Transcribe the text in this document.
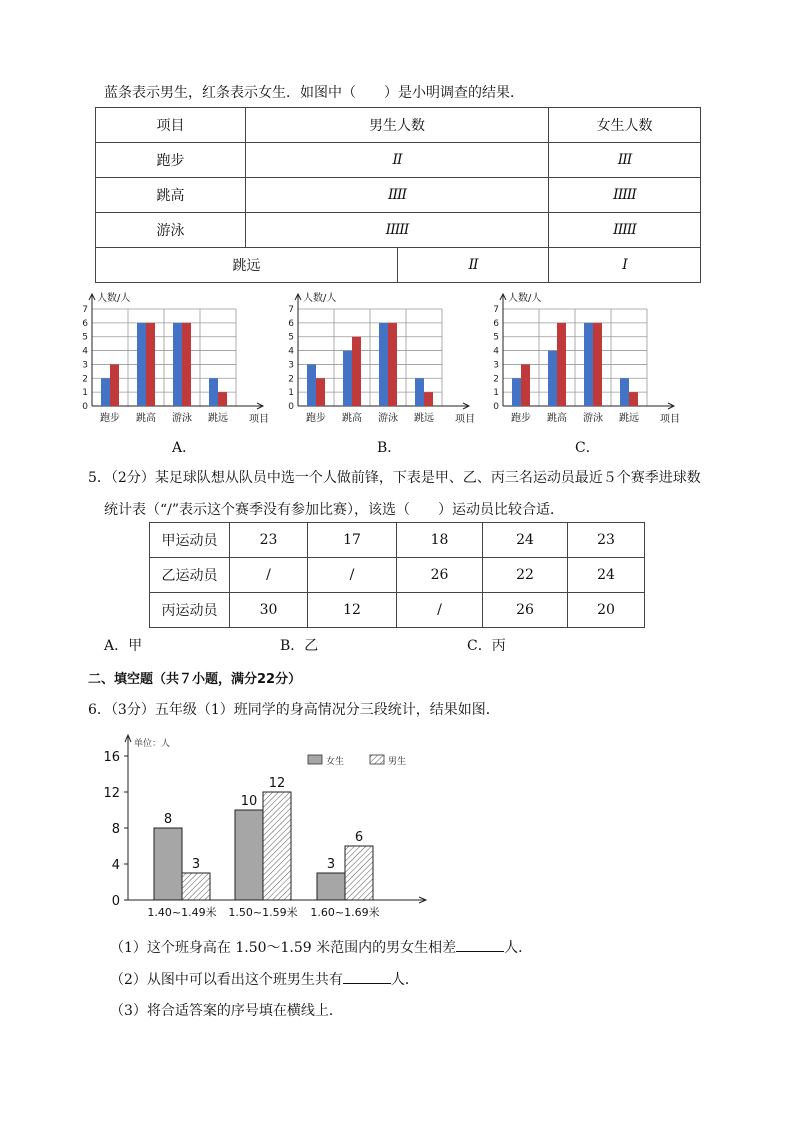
蓝条表示男生，红条表示女生．如图中（　　）是小明调查的结果．
项目	男生人数		女生人数
跑步	II		III
跳高	IIII		IIIII
游泳	IIIII		IIIII
跳远		II	I
0
1
2
3
4
5
6
7
人数/人
项目
跑步 跳高 游泳 跳远
0
1
2
3
4
5
6
7
人数/人
项目
跑步 跳高 游泳 跳远
0
1
2
3
4
5
6
7
人数/人
项目
跑步 跳高 游泳 跳远
A．	B．	C．
5．（2分）某足球队想从队员中选一个人做前锋，下表是甲、乙、丙三名运动员最近５个赛季进球数
统计表（“/”表示这个赛季没有参加比赛），该选（　　）运动员比较合适．
甲运动员	23	17	18	24	23
乙运动员	/	/	26	22	24
丙运动员	30	12	/	26	20
A．甲	B．乙	C．丙
二、填空题（共７小题，满分22分）
6．（3分）五年级（1）班同学的身高情况分三段统计，结果如图．
0
4
8
12
16
单位：人
女生	男生
8
3
1.40~1.49米
10
12
1.50~1.59米
3
6
1.60~1.69米
（1）这个班身高在 1.50～1.59 米范围内的男女生相差	人．
（2）从图中可以看出这个班男生共有	人．
（3）将合适答案的序号填在横线上．
